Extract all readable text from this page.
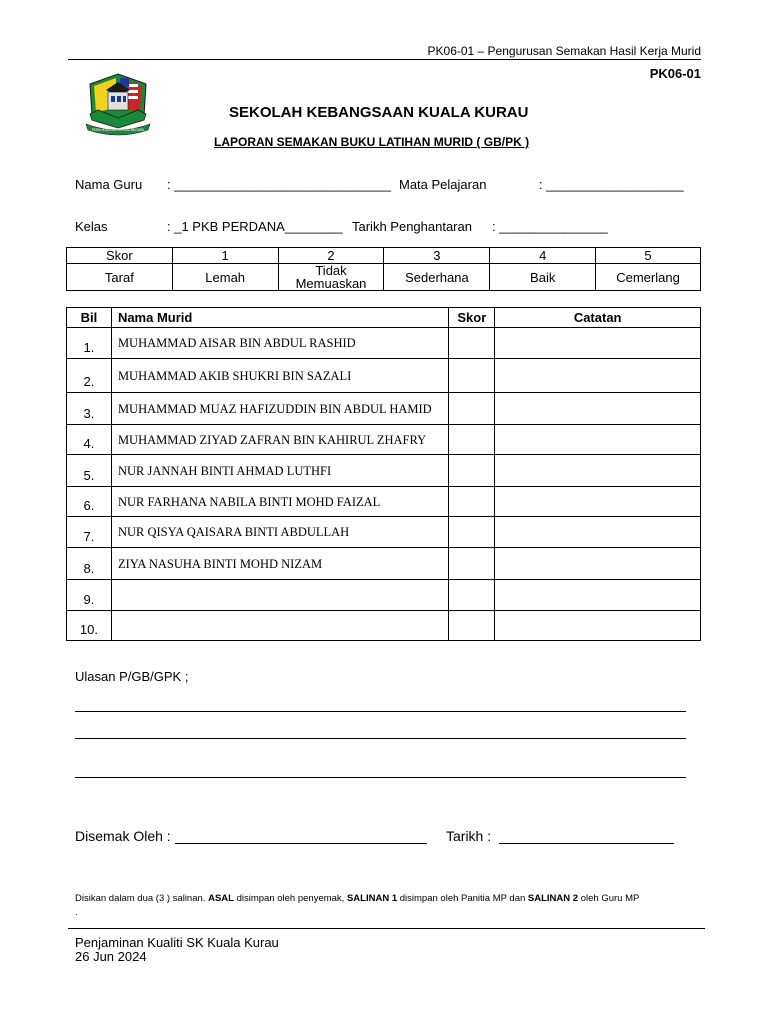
PK06-01 – Pengurusan Semakan Hasil Kerja Murid
PK06-01
PERKHIDMATAN KEPADA NEGARA
SEKOLAH KEBANGSAAN KUALA KURAU
LAPORAN SEMAKAN BUKU LATIHAN MURID ( GB/PK )
Nama Guru : ______________________________ Mata Pelajaran	: ___________________
Kelas	: _1 PKB PERDANA________ Tarikh Penghantaran : _______________
Skor	1	2	3	4	5
Taraf	Lemah	Tidak Memuaskan	Sederhana	Baik	Cemerlang
Bil	Nama Murid	Skor	Catatan
1.	MUHAMMAD AISAR BIN ABDUL RASHID		
2.	MUHAMMAD AKIB SHUKRI BIN SAZALI		
3.	MUHAMMAD MUAZ HAFIZUDDIN BIN ABDUL HAMID		
4.	MUHAMMAD ZIYAD ZAFRAN BIN KAHIRUL ZHAFRY		
5.	NUR JANNAH BINTI AHMAD LUTHFI		
6.	NUR FARHANA NABILA BINTI MOHD FAIZAL		
7.	NUR QISYA QAISARA BINTI ABDULLAH		
8.	ZIYA NASUHA BINTI MOHD NIZAM		
9.			
10.			
Ulasan P/GB/GPK ;
Disemak Oleh :	Tarikh :
Disikan dalam dua (3 ) salinan. ASAL disimpan oleh penyemak, SALINAN 1 disimpan oleh Panitia MP dan SALINAN 2 oleh Guru MP
.
Penjaminan Kualiti SK Kuala Kurau
26 Jun 2024
